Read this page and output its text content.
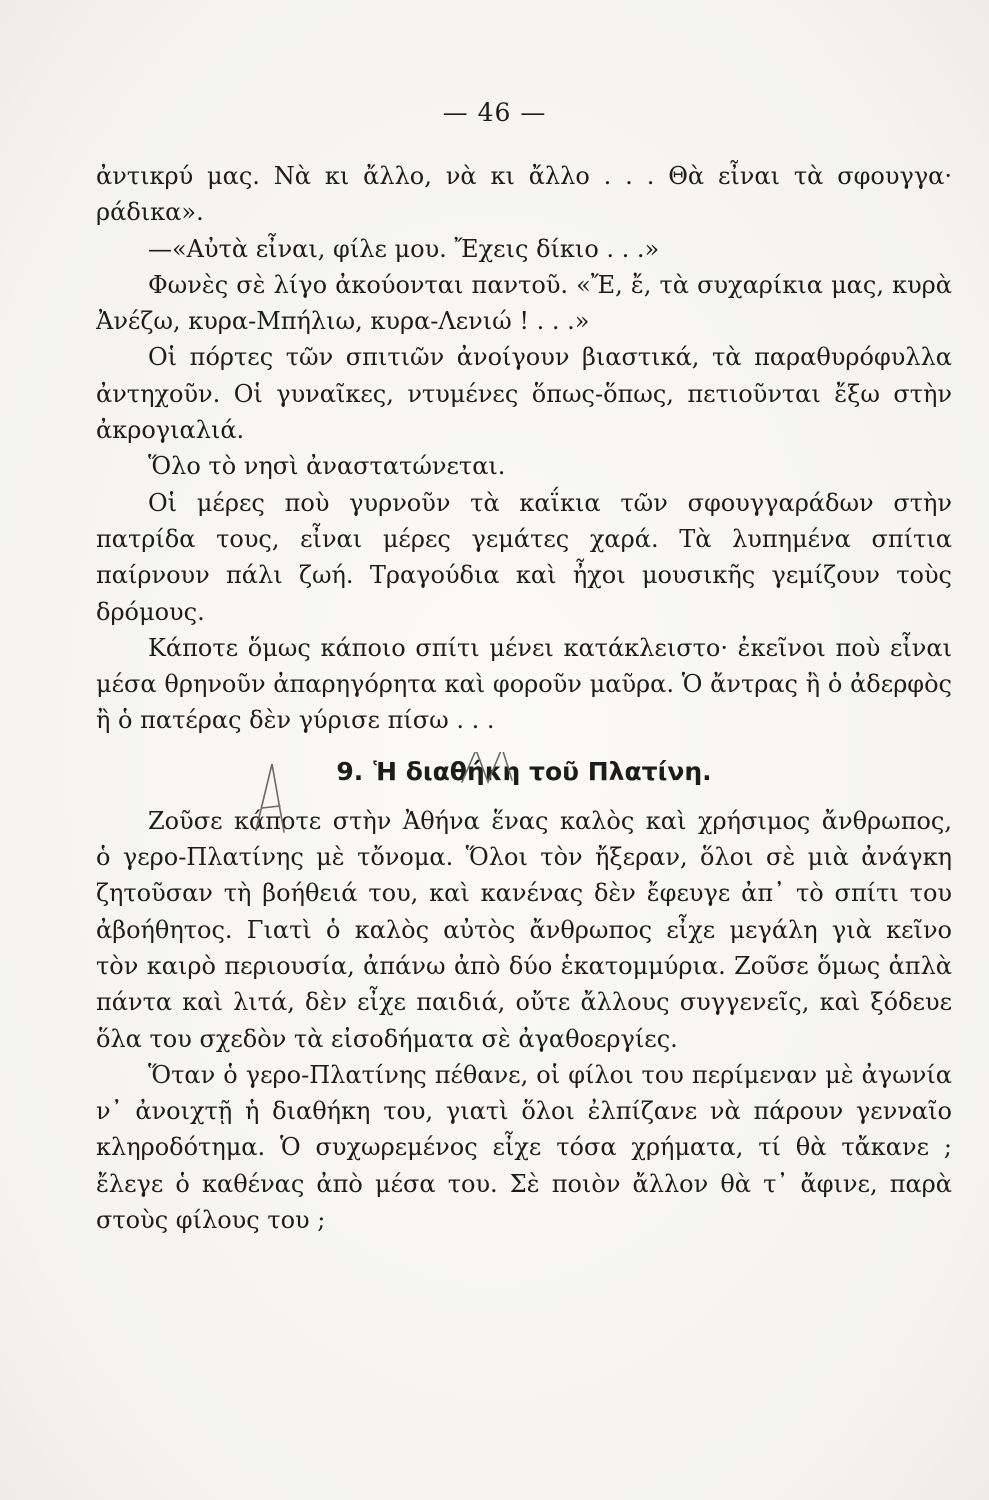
— 46 —
ἀντικρύ μας. Νὰ κι ἄλλο, νὰ κι ἄλλο . . . Θὰ εἶναι τὰ σφουγγα·
ράδικα».
—«Αὐτὰ εἶναι, φίλε μου. Ἔχεις δίκιο . . .»
Φωνὲς σὲ λίγο ἀκούονται παντοῦ. «Ἔ, ἔ, τὰ συχαρίκια μας, κυρὰ
Ἀνέζω, κυρα-Μπήλιω, κυρα-Λενιώ ! . . .»
Οἱ πόρτες τῶν σπιτιῶν ἀνοίγουν βιαστικά, τὰ παραθυρόφυλλα
ἀντηχοῦν. Οἱ γυναῖκες, ντυμένες ὅπως-ὅπως, πετιοῦνται ἔξω στὴν
ἀκρογιαλιά.
Ὅλο τὸ νησὶ ἀναστατώνεται.
Οἱ μέρες ποὺ γυρνοῦν τὰ καΐκια τῶν σφουγγαράδων στὴν
πατρίδα τους, εἶναι μέρες γεμάτες χαρά. Τὰ λυπημένα σπίτια
παίρνουν πάλι ζωή. Τραγούδια καὶ ἦχοι μουσικῆς γεμίζουν τοὺς
δρόμους.
Κάποτε ὅμως κάποιο σπίτι μένει κατάκλειστο· ἐκεῖνοι ποὺ εἶναι
μέσα θρηνοῦν ἀπαρηγόρητα καὶ φοροῦν μαῦρα. Ὁ ἄντρας ἢ ὁ ἀδερφὸς
ἢ ὁ πατέρας δὲν γύρισε πίσω . . .
9. Ἡ διαθήκη τοῦ Πλατίνη.
Ζοῦσε κάποτε στὴν Ἀθήνα ἕνας καλὸς καὶ χρήσιμος ἄνθρωπος,
ὁ γερο-Πλατίνης μὲ τὄνομα. Ὅλοι τὸν ἤξεραν, ὅλοι σὲ μιὰ ἀνάγκη
ζητοῦσαν τὴ βοήθειά του, καὶ κανένας δὲν ἔφευγε ἀπ᾿ τὸ σπίτι του
ἀβοήθητος. Γιατὶ ὁ καλὸς αὐτὸς ἄνθρωπος εἶχε μεγάλη γιὰ κεῖνο
τὸν καιρὸ περιουσία, ἀπάνω ἀπὸ δύο ἑκατομμύρια. Ζοῦσε ὅμως ἁπλὰ
πάντα καὶ λιτά, δὲν εἶχε παιδιά, οὔτε ἄλλους συγγενεῖς, καὶ ξόδευε
ὅλα του σχεδὸν τὰ εἰσοδήματα σὲ ἀγαθοεργίες.
Ὅταν ὁ γερο-Πλατίνης πέθανε, οἱ φίλοι του περίμεναν μὲ ἀγωνία
ν᾿ ἀνοιχτῇ ἡ διαθήκη του, γιατὶ ὅλοι ἐλπίζανε νὰ πάρουν γενναῖο
κληροδότημα. Ὁ συχωρεμένος εἶχε τόσα χρήματα, τί θὰ τἄκανε ;
ἔλεγε ὁ καθένας ἀπὸ μέσα του. Σὲ ποιὸν ἄλλον θὰ τ᾿ ἄφινε, παρὰ
στοὺς φίλους του ;
